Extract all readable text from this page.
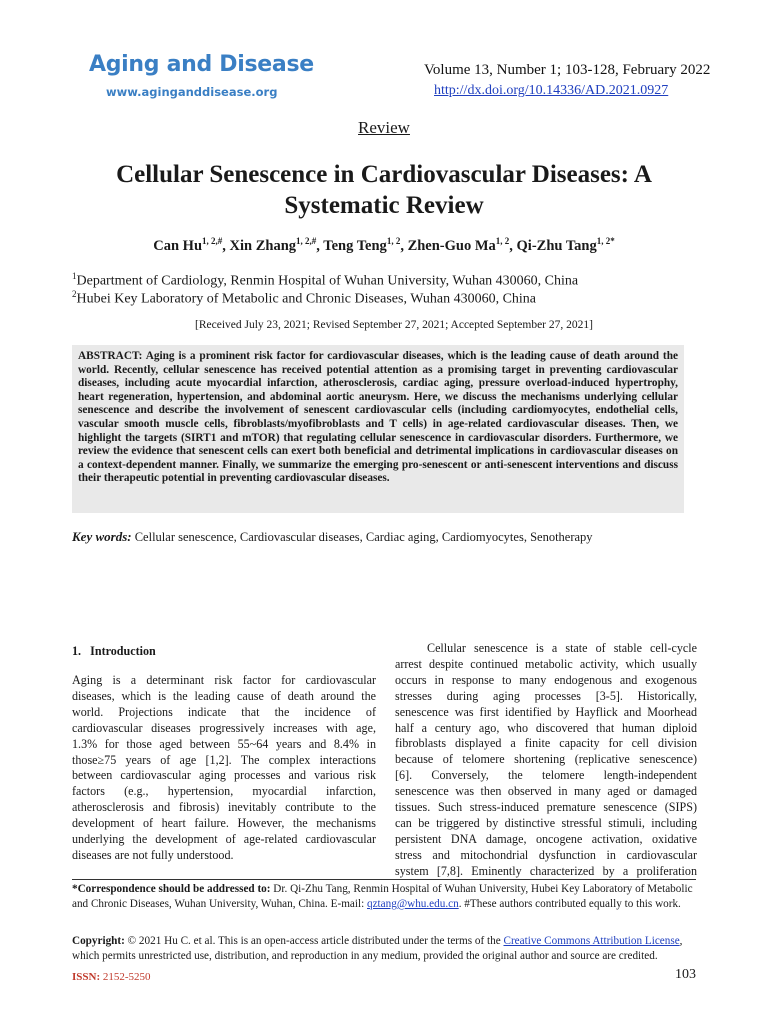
Aging and Disease
www.aginganddisease.org
Volume 13, Number 1; 103-128, February 2022
http://dx.doi.org/10.14336/AD.2021.0927
Review
Cellular Senescence in Cardiovascular Diseases: A Systematic Review
Can $Hu^{1, 2,\#}$, Xin Zhang$^{1, 2,\#}$, Teng Teng$^{1, 2}$, Zhen-Guo Ma$^{1, 2}$, Qi-Zhu Tang$^{1, 2*}$
$^1$Department of Cardiology, Renmin Hospital of Wuhan University, Wuhan 430060, China
$^2$Hubei Key Laboratory of Metabolic and Chronic Diseases, Wuhan 430060, China
[Received July 23, 2021; Revised September 27, 2021; Accepted September 27, 2021]
ABSTRACT: Aging is a prominent risk factor for cardiovascular diseases, which is the leading cause of death around the world. Recently, cellular senescence has received potential attention as a promising target in preventing cardiovascular diseases, including acute myocardial infarction, atherosclerosis, cardiac aging, pressure overload-induced hypertrophy, heart regeneration, hypertension, and abdominal aortic aneurysm. Here, we discuss the mechanisms underlying cellular senescence and describe the involvement of senescent cardiovascular cells (including cardiomyocytes, endothelial cells, vascular smooth muscle cells, fibroblasts/myofibroblasts and T cells) in age-related cardiovascular diseases. Then, we highlight the targets (SIRT1 and mTOR) that regulating cellular senescence in cardiovascular disorders. Furthermore, we review the evidence that senescent cells can exert both beneficial and detrimental implications in cardiovascular diseases on a context-dependent manner. Finally, we summarize the emerging pro-senescent or anti-senescent interventions and discuss their therapeutic potential in preventing cardiovascular diseases.
Key words: Cellular senescence, Cardiovascular diseases, Cardiac aging, Cardiomyocytes, Senotherapy
1.   Introduction
Aging is a determinant risk factor for cardiovascular
diseases, which is the leading cause of death around the
world. Projections indicate that the incidence of
cardiovascular diseases progressively increases with age,
1.3% for those aged between 55~64 years and 8.4% in
those≥75 years of age [1,2]. The complex interactions
between cardiovascular aging processes and various risk
factors (e.g., hypertension, myocardial infarction,
atherosclerosis and fibrosis) inevitably contribute to the
development of heart failure. However, the mechanisms
underlying the development of age-related cardiovascular
diseases are not fully understood.
Cellular senescence is a state of stable cell-cycle
arrest despite continued metabolic activity, which usually
occurs in response to many endogenous and exogenous
stresses during aging processes [3-5]. Historically,
senescence was first identified by Hayflick and Moorhead
half a century ago, who discovered that human diploid
fibroblasts displayed a finite capacity for cell division
because of telomere shortening (replicative senescence)
[6]. Conversely, the telomere length-independent
senescence was then observed in many aged or damaged
tissues. Such stress-induced premature senescence (SIPS)
can be triggered by distinctive stressful stimuli, including
persistent DNA damage, oncogene activation, oxidative
stress and mitochondrial dysfunction in cardiovascular
system [7,8]. Eminently characterized by a proliferation
*Correspondence should be addressed to: Dr. Qi-Zhu Tang, Renmin Hospital of Wuhan University, Hubei Key Laboratory of Metabolic and Chronic Diseases, Wuhan University, Wuhan, China. E-mail: qztang@whu.edu.cn. #These authors contributed equally to this work.
Copyright: © 2021 Hu C. et al. This is an open-access article distributed under the terms of the Creative Commons Attribution License, which permits unrestricted use, distribution, and reproduction in any medium, provided the original author and source are credited.
ISSN: 2152-5250	103
